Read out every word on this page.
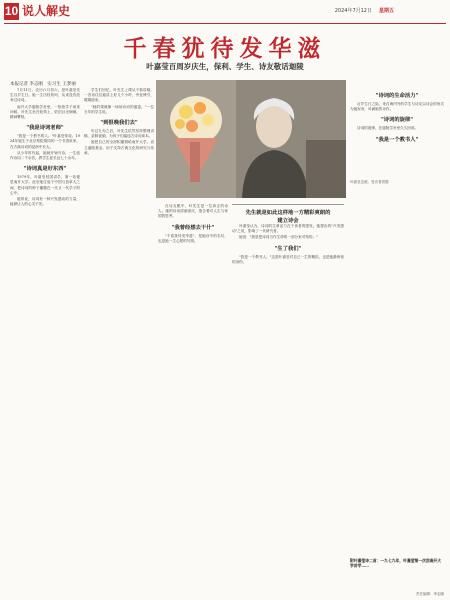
10 说人解史	2024年7月12日 星期五
千春犹待发华滋
叶嘉莹百周岁庆生，保利、学生、诗友敬话迦陵
本报记者 李志刚　实习生 王梦丽
叶嘉莹近照。受访者供图
7月11日，农历六月初六，是叶嘉莹先生百岁生日。她一生历经坎坷，从来没有放弃过诗词。
南开大学迦陵学舍里，一批批学子前来问候，叶先生坐在轮椅上，依旧目光炯炯，精神矍铄。
"我是诗词老师"
"我是一个教书的人。"叶嘉莹常说。1924年她生于北京察院胡同的一个书香世家，在古典诗词的浸润中长大。
从少年时代起，她就开始写诗，一生创作诗词二千余首，教学生涯长达七十余年。
"诗词真是好东西"
1979年，叶嘉莹回国讲学，第一站便是南开大学。此后她往返于中国与加拿大之间，把诗词的种子播撒在一代又一代学子的心中。
她常说，诗词有一种兴发感动的力量，能够让人的心灵不死。
学生们回忆，叶先生上课从不看讲稿，一首诗往往能讲上好几个小时，旁征博引，娓娓道来。
"她的课就像一场场诗词的盛宴。"一位当年的学生说。
"到很晚我们去"
年过九旬之后，叶先生依然坚持整理讲稿、录制视频，为孩子们编选古诗词读本。
她把自己的全部积蓄捐给南开大学，设立迦陵基金，用于支持古典文化的研究与传承。
在诗友眼中，叶先生是一位真正的诗人。她的诗词清丽深沉，饱含着对人生与家国的思考。
"我曾经想去干什"
"千春犹待发华滋"，是她诗中的名句，也是她一生心愿的写照。
先生就是如此这样地一方精彩爽朗的
建立诗会
叶嘉莹认为，诗词的生命活力在于读者的感发。她提出的"兴发感动"之说，影响了一代研究者。
她说："我是把诗词当作生命的一部分来对待的。"
"生了我们"
"我是一个教书人。"这是叶嘉莹对自己一生的概括，也是她最珍视的身份。
"诗词的生命活力"
百岁生日之际，来自海内外的学生与诗友以诗会的形式为她祝寿，吟诵她的诗作。
"诗词的旋律"
诗词的旋律，在迦陵学舍里久久回荡。
"我是一个教书人"
附叶嘉莹诗二首：一九七九年，叶嘉莹第一次回南开大学讲学……
责任编辑：李志刚
